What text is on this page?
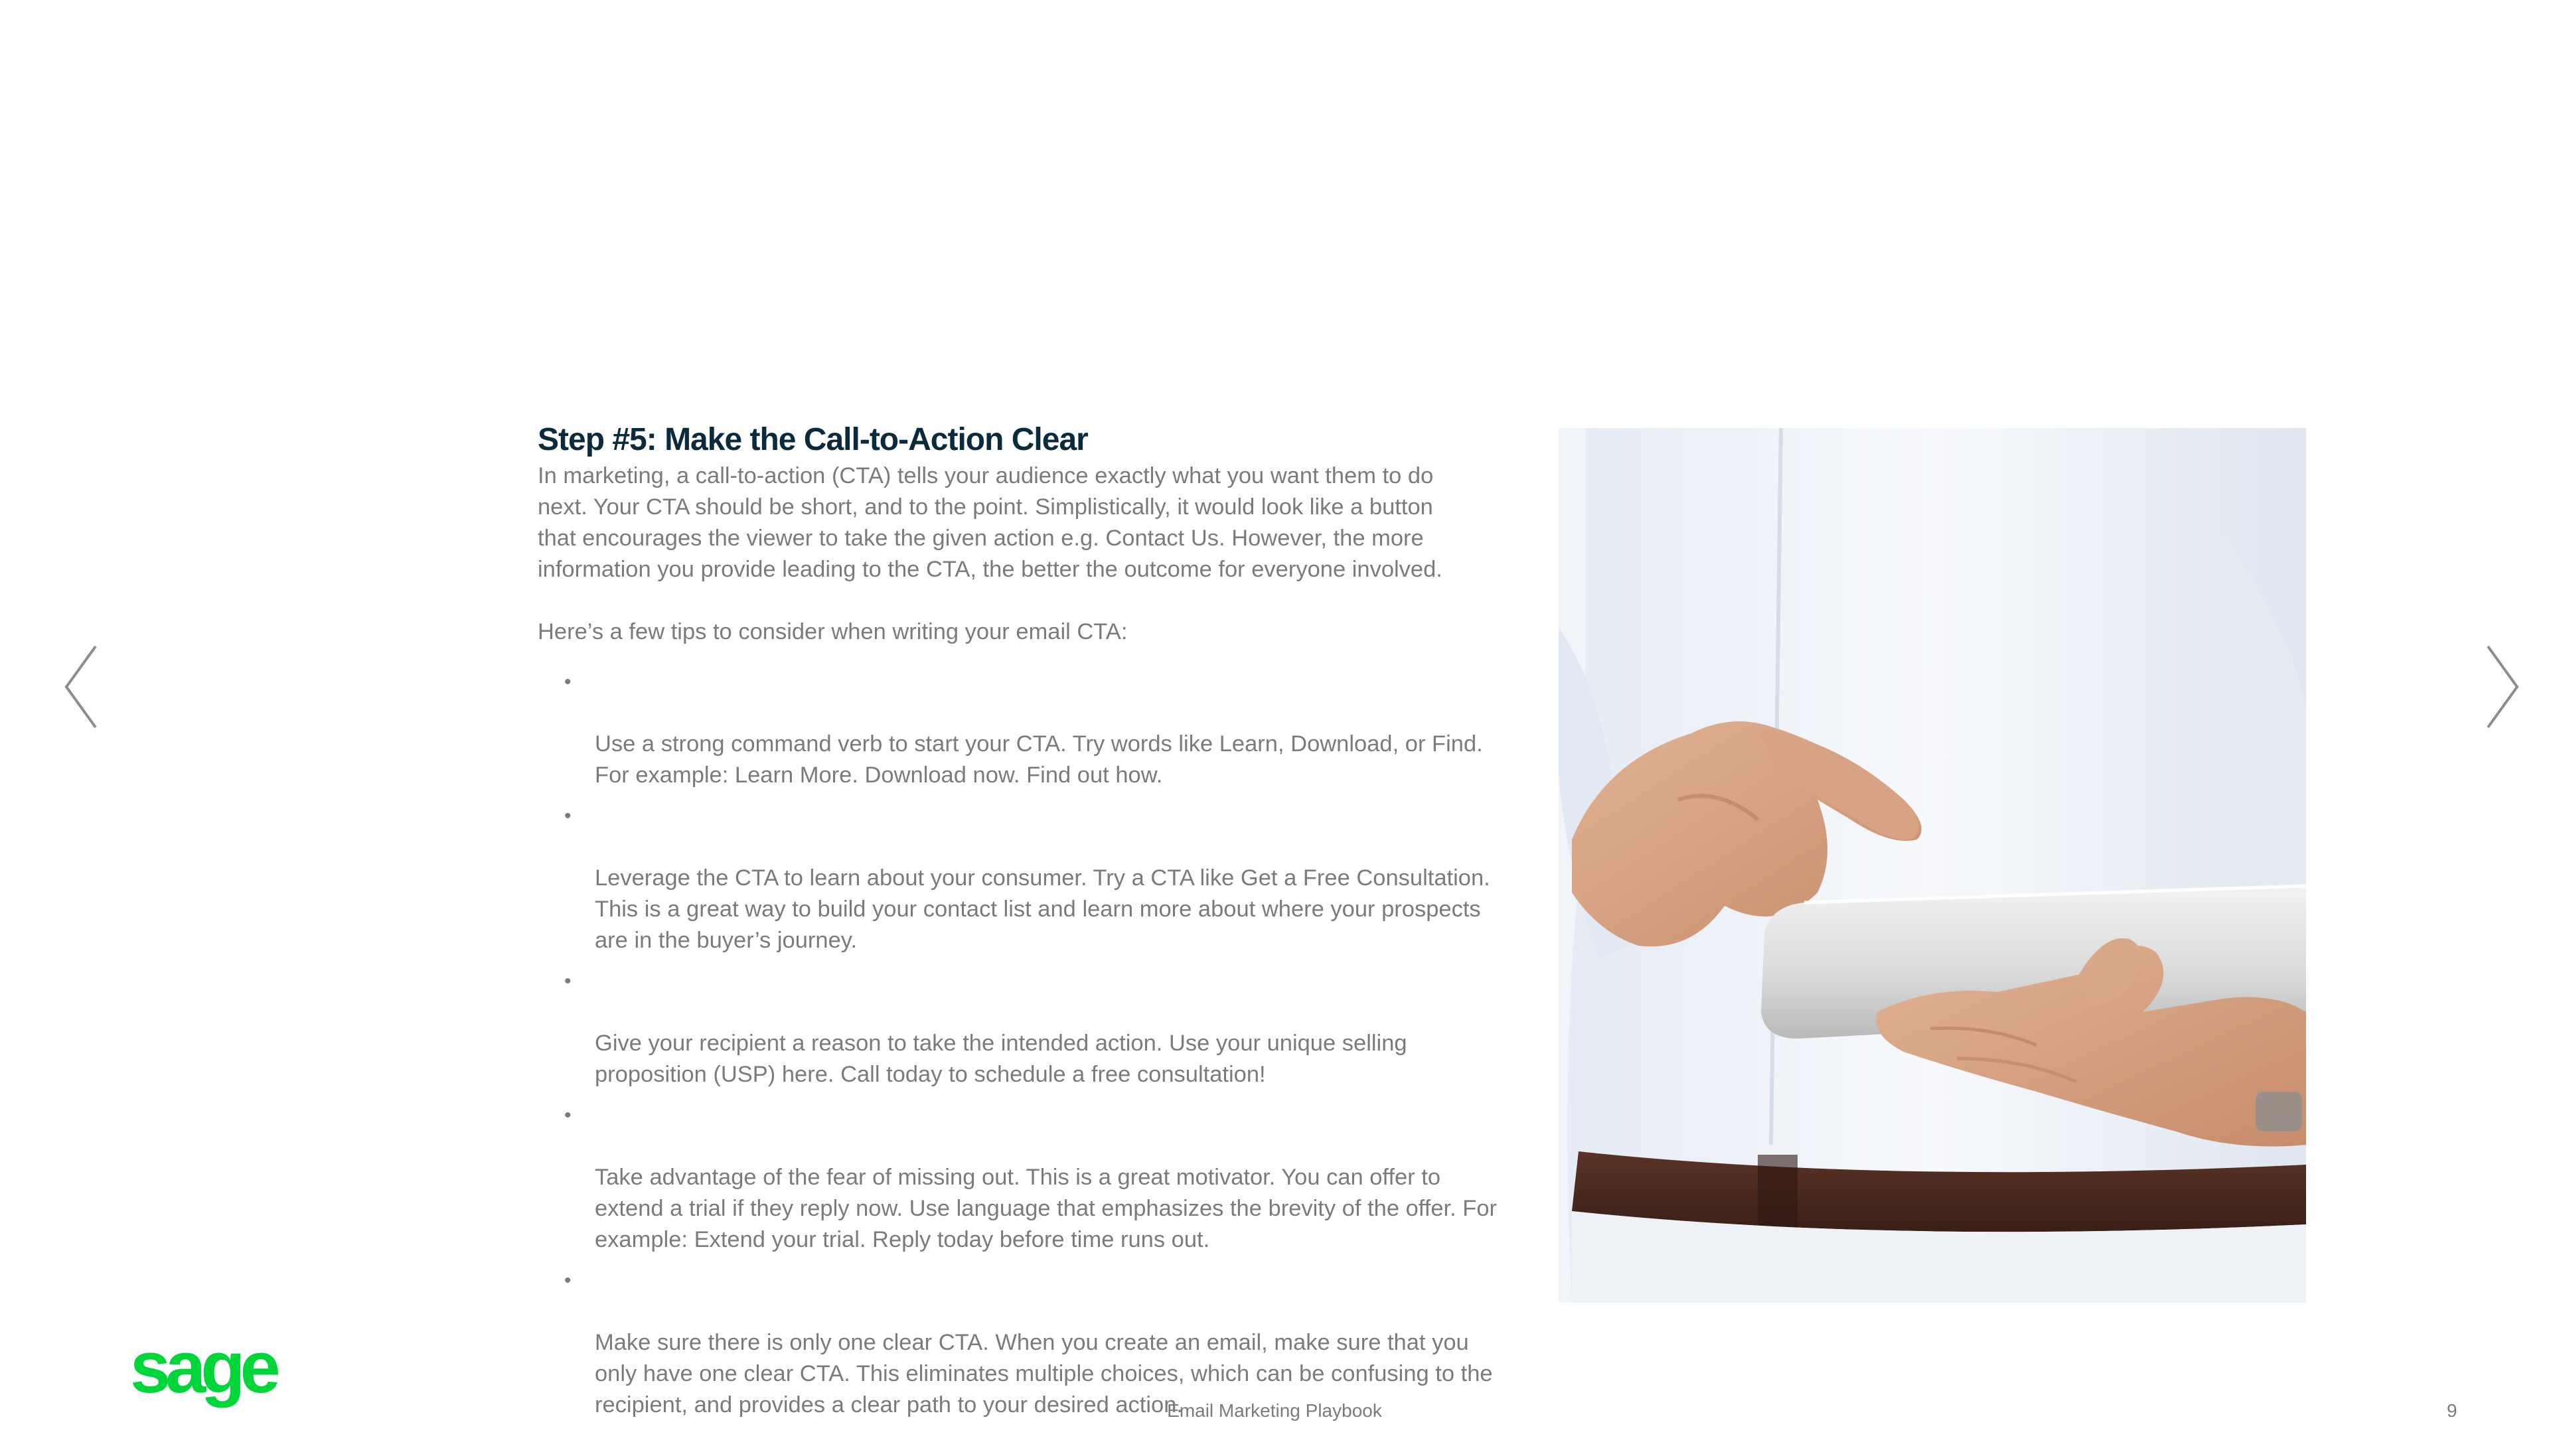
Step #5: Make the Call-to-Action Clear

In marketing, a call-to-action (CTA) tells your audience exactly what you want them to do
next. Your CTA should be short, and to the point. Simplistically, it would look like a button
that encourages the viewer to take the given action e.g. Contact Us. However, the more
information you provide leading to the CTA, the better the outcome for everyone involved.

Here’s a few tips to consider when writing your email CTA:

•

Use a strong command verb to start your CTA. Try words like Learn, Download, or Find.
For example: Learn More. Download now. Find out how.

•

Leverage the CTA to learn about your consumer. Try a CTA like Get a Free Consultation.
This is a great way to build your contact list and learn more about where your prospects
are in the buyer’s journey.

•

Give your recipient a reason to take the intended action. Use your unique selling
proposition (USP) here. Call today to schedule a free consultation!

•

Take advantage of the fear of missing out. This is a great motivator. You can offer to
extend a trial if they reply now. Use language that emphasizes the brevity of the offer. For
example: Extend your trial. Reply today before time runs out.

•

Make sure there is only one clear CTA. When you create an email, make sure that you
only have one clear CTA. This eliminates multiple choices, which can be confusing to the
recipient, and provides a clear path to your desired action.

sage

Email Marketing Playbook	9
